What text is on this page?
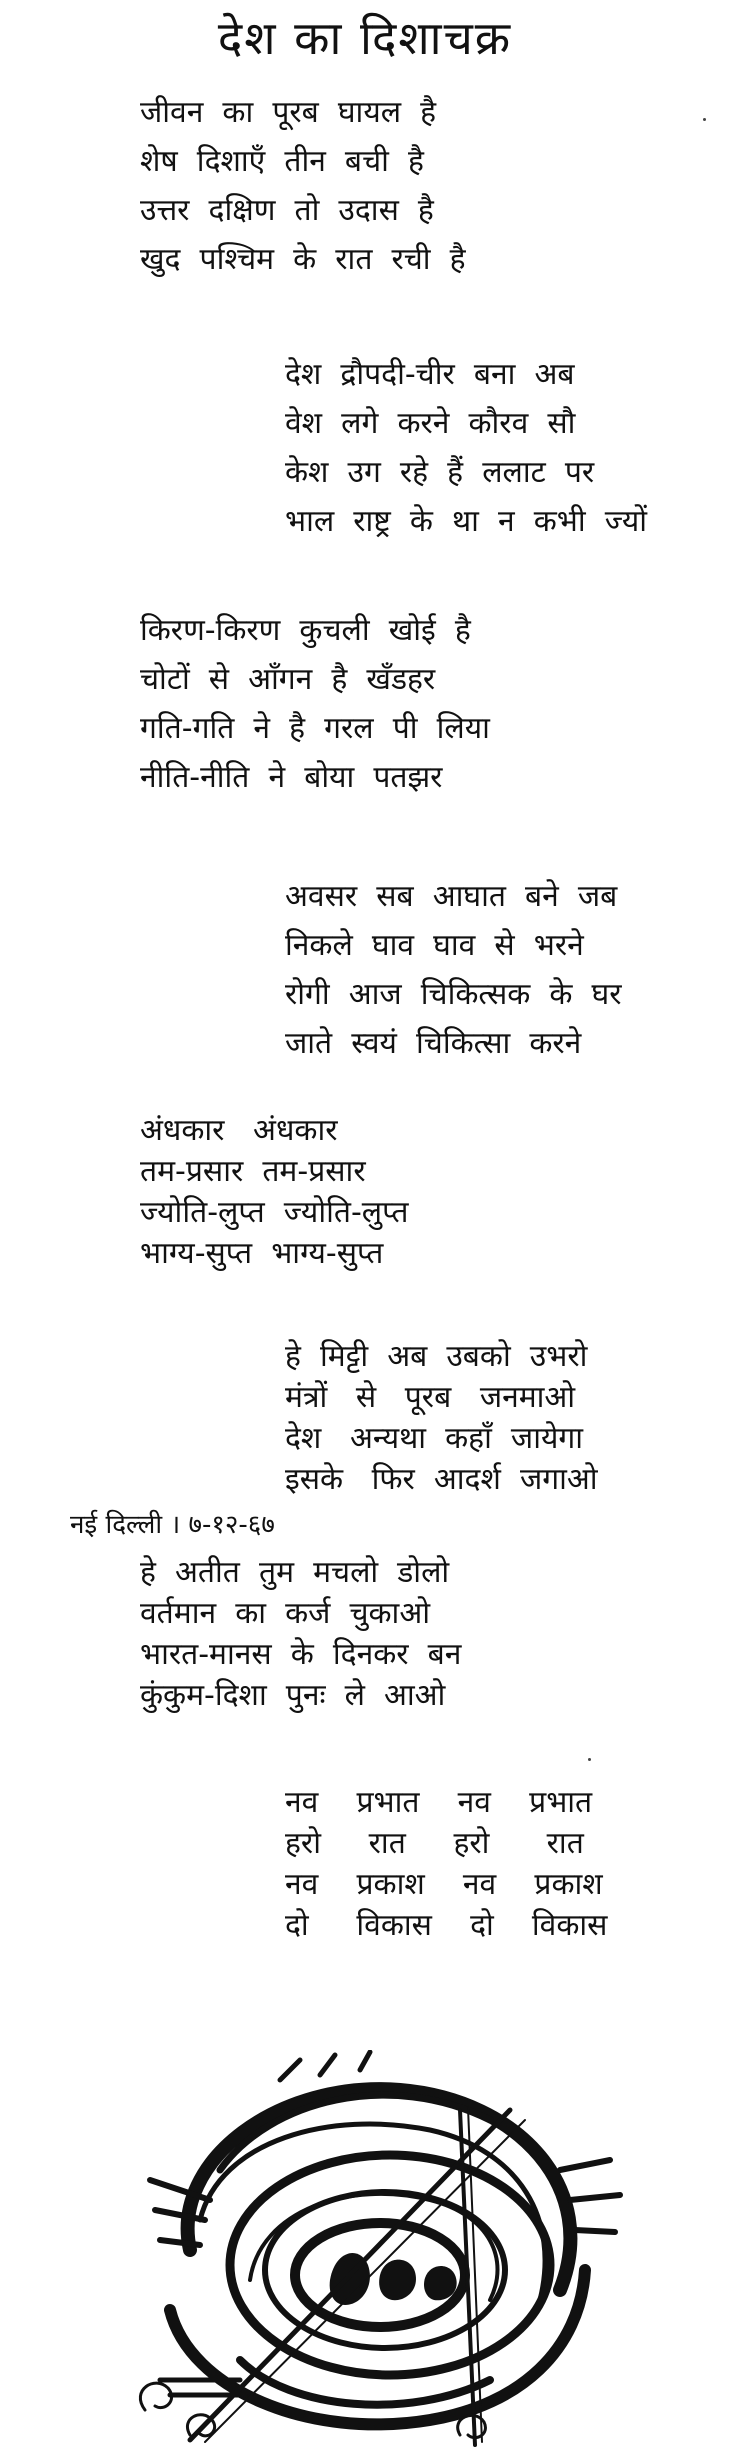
देश का दिशाचक्र
जीवन  का  पूरब  घायल  है
शेष  दिशाएँ  तीन  बची  है
उत्तर  दक्षिण  तो  उदास  है
खुद  पश्चिम  के  रात  रची  है
देश  द्रौपदी-चीर  बना  अब
वेश  लगे  करने  कौरव  सौ
केश  उग  रहे  हैं  ललाट  पर
भाल  राष्ट्र  के  था  न  कभी  ज्यों
किरण-किरण  कुचली  खोई  है
चोटों  से  आँगन  है  खँडहर
गति-गति  ने  है  गरल  पी  लिया
नीति-नीति  ने  बोया  पतझर
अवसर  सब  आघात  बने  जब
निकले  घाव  घाव  से  भरने
रोगी  आज  चिकित्सक  के  घर
जाते  स्वयं  चिकित्सा  करने
अंधकार   अंधकार
तम-प्रसार  तम-प्रसार
ज्योति-लुप्त  ज्योति-लुप्त
भाग्य-सुप्त  भाग्य-सुप्त
हे  मिट्टी  अब  उबको  उभरो
मंत्रों   से   पूरब   जनमाओ
देश   अन्यथा  कहाँ  जायेगा
इसके   फिर  आदर्श  जगाओ
हे  अतीत  तुम  मचलो  डोलो
वर्तमान  का  कर्ज  चुकाओ
भारत-मानस  के  दिनकर  बन
कुंकुम-दिशा  पुनः  ले  आओ
नव    प्रभात    नव    प्रभात
हरो     रात     हरो      रात
नव    प्रकाश    नव    प्रकाश
दो     विकास    दो    विकास
नई दिल्ली । ७-१२-६७
